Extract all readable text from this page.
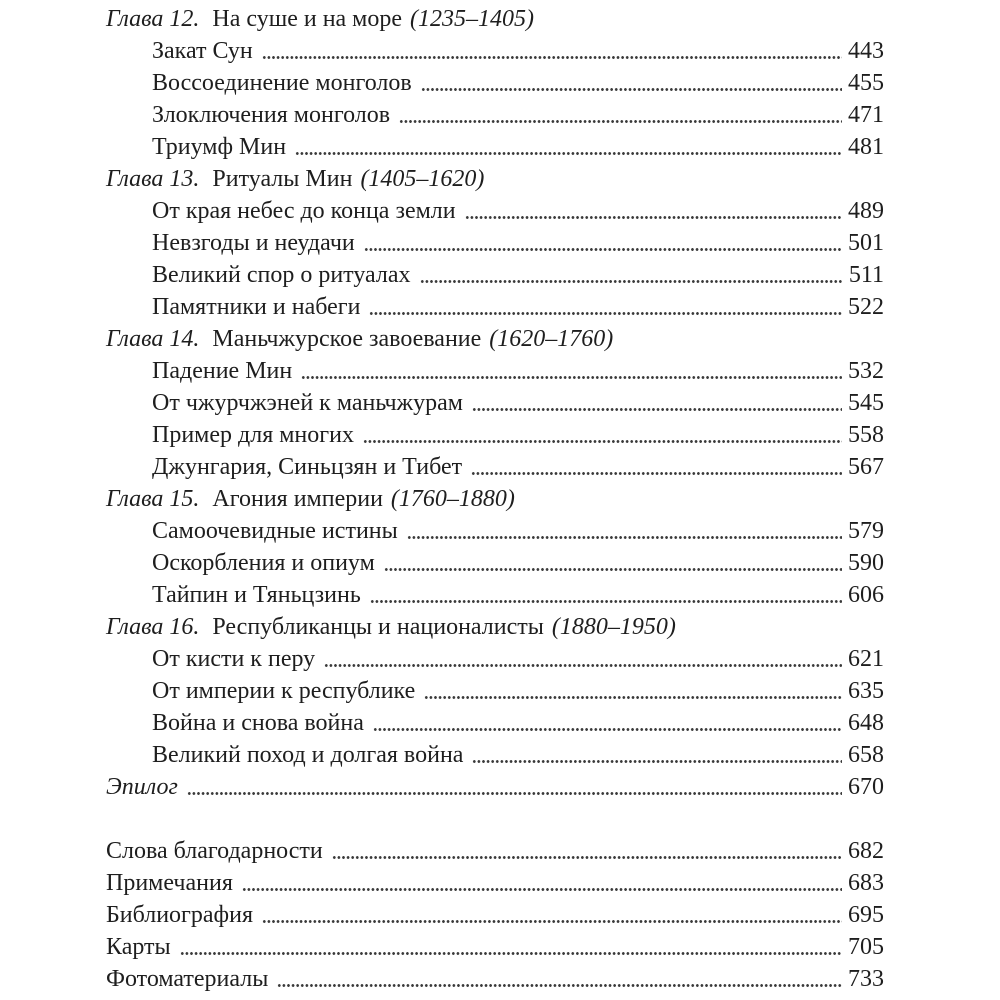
Глава 12. На суше и на море (1235–1405)
Закат Сун	443
Воссоединение монголов	455
Злоключения монголов	471
Триумф Мин	481
Глава 13. Ритуалы Мин (1405–1620)
От края небес до конца земли	489
Невзгоды и неудачи	501
Великий спор о ритуалах	511
Памятники и набеги	522
Глава 14. Маньчжурское завоевание (1620–1760)
Падение Мин	532
От чжурчжэней к маньчжурам	545
Пример для многих	558
Джунгария, Синьцзян и Тибет	567
Глава 15. Агония империи (1760–1880)
Самоочевидные истины	579
Оскорбления и опиум	590
Тайпин и Тяньцзинь	606
Глава 16. Республиканцы и националисты (1880–1950)
От кисти к перу	621
От империи к республике	635
Война и снова война	648
Великий поход и долгая война	658
Эпилог	670
Слова благодарности	682
Примечания	683
Библиография	695
Карты	705
Фотоматериалы	733
